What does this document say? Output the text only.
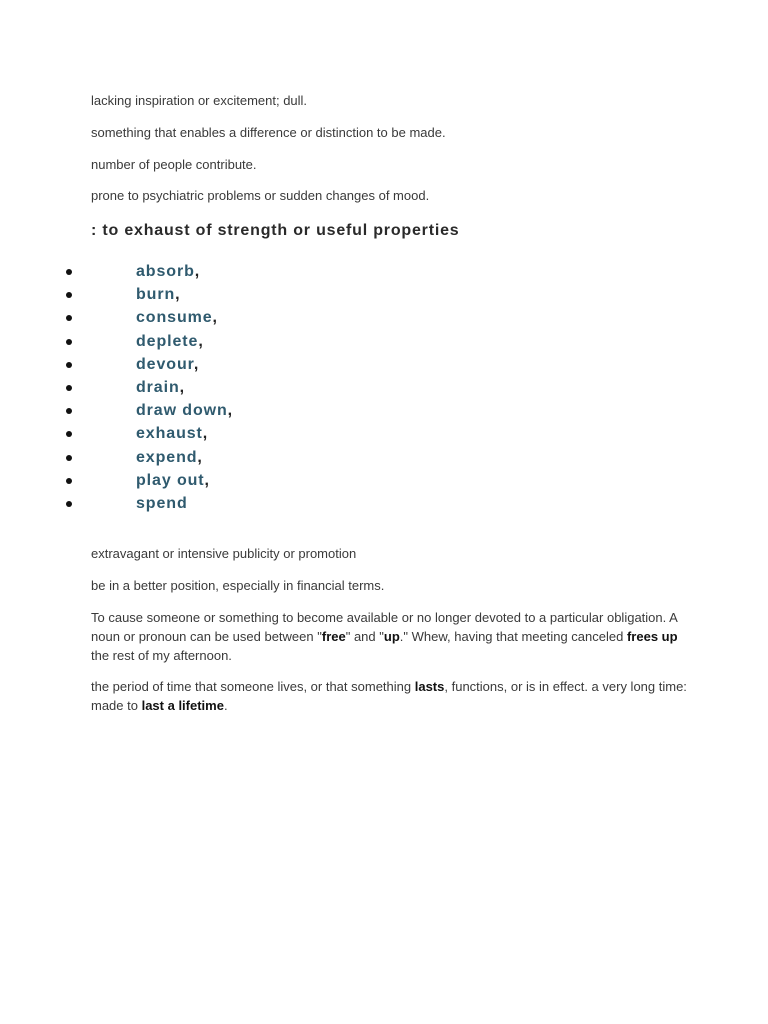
lacking inspiration or excitement; dull.

something that enables a difference or distinction to be made.

number of people contribute.

prone to psychiatric problems or sudden changes of mood.

: to exhaust of strength or useful properties

absorb,
burn,
consume,
deplete,
devour,
drain,
draw down,
exhaust,
expend,
play out,
spend

extravagant or intensive publicity or promotion

be in a better position, especially in financial terms.

To cause someone or something to become available or no longer devoted to a particular obligation. A noun or pronoun can be used between "free" and "up." Whew, having that meeting canceled frees up the rest of my afternoon.

the period of time that someone lives, or that something lasts, functions, or is in effect. a very long time: made to last a lifetime.
